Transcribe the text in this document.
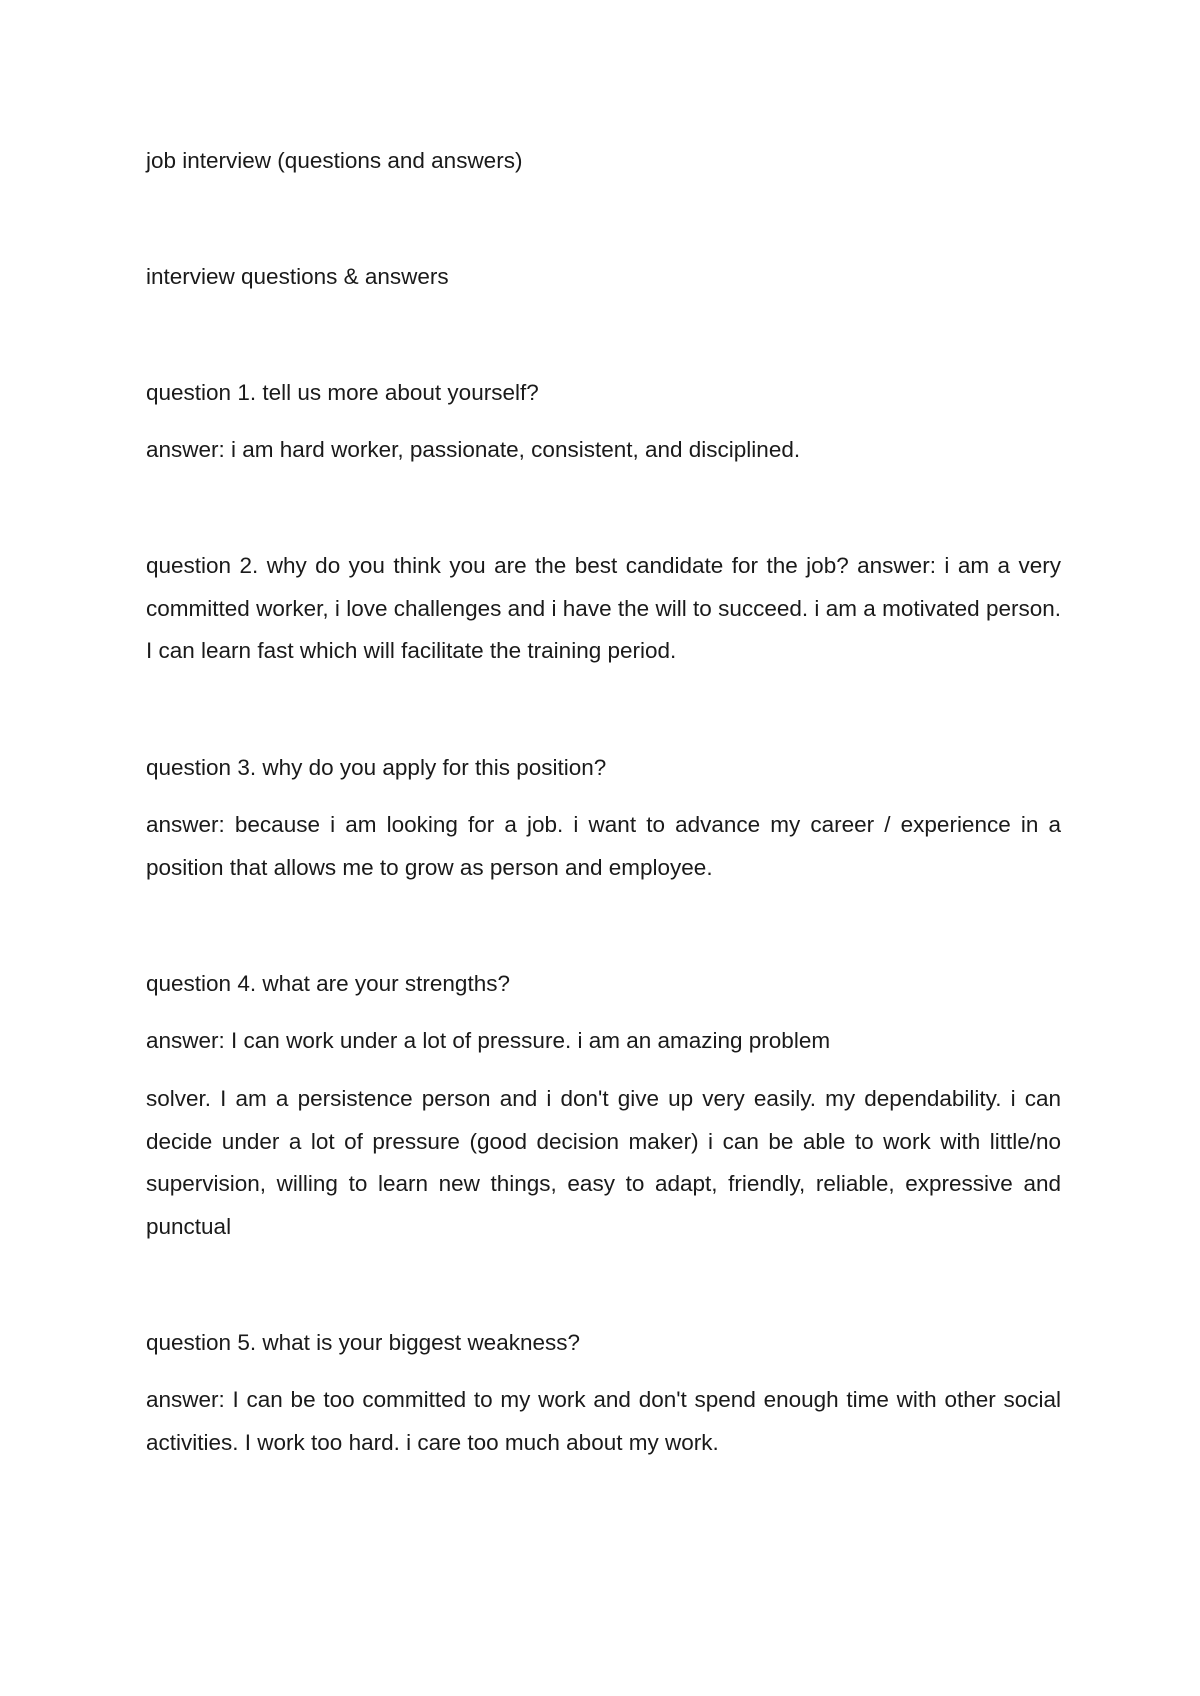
job interview (questions and answers)

interview questions & answers

question 1. tell us more about yourself?

answer: i am hard worker, passionate, consistent, and disciplined.

question 2. why do you think you are the best candidate for the job? answer: i am a very committed worker, i love challenges and i have the will to succeed. i am a motivated person. I can learn fast which will facilitate the training period.

question 3. why do you apply for this position?

answer: because i am looking for a job. i want to advance my career / experience in a position that allows me to grow as person and employee.

question 4. what are your strengths?

answer: I can work under a lot of pressure. i am an amazing problem

solver. I am a persistence person and i don't give up very easily. my dependability. i can decide under a lot of pressure (good decision maker) i can be able to work with little/no supervision, willing to learn new things, easy to adapt, friendly, reliable, expressive and punctual

question 5. what is your biggest weakness?

answer: I can be too committed to my work and don't spend enough time with other social activities. I work too hard. i care too much about my work.
